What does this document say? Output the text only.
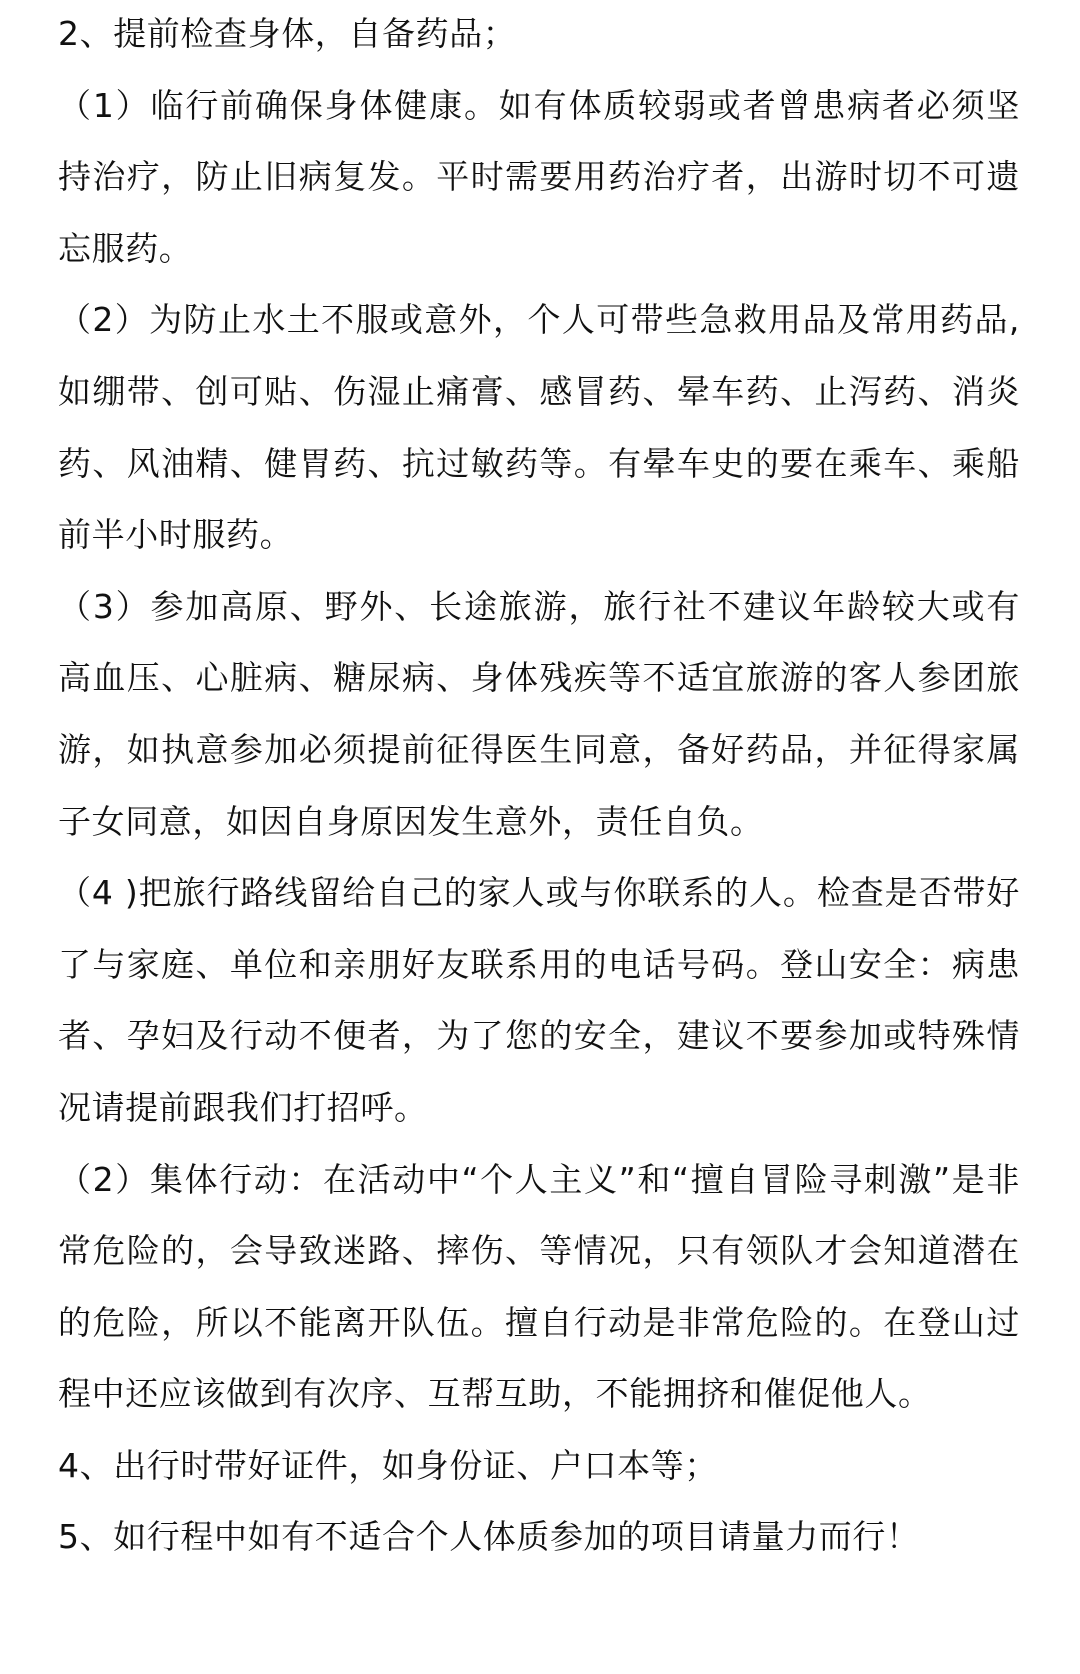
2、提前检查身体，自备药品；

（1）临行前确保身体健康。如有体质较弱或者曾患病者必须坚持治疗，防止旧病复发。平时需要用药治疗者，出游时切不可遗忘服药。

（2）为防止水土不服或意外，个人可带些急救用品及常用药品,如绷带、创可贴、伤湿止痛膏、感冒药、晕车药、止泻药、消炎药、风油精、健胃药、抗过敏药等。有晕车史的要在乘车、乘船前半小时服药。

（3）参加高原、野外、长途旅游，旅行社不建议年龄较大或有高血压、心脏病、糖尿病、身体残疾等不适宜旅游的客人参团旅游，如执意参加必须提前征得医生同意，备好药品，并征得家属子女同意，如因自身原因发生意外，责任自负。

（4 )把旅行路线留给自己的家人或与你联系的人。检查是否带好了与家庭、单位和亲朋好友联系用的电话号码。登山安全：病患者、孕妇及行动不便者，为了您的安全，建议不要参加或特殊情况请提前跟我们打招呼。

（2）集体行动：在活动中“个人主义”和“擅自冒险寻刺激”是非常危险的，会导致迷路、摔伤、等情况，只有领队才会知道潜在的危险，所以不能离开队伍。擅自行动是非常危险的。在登山过程中还应该做到有次序、互帮互助，不能拥挤和催促他人。

4、出行时带好证件，如身份证、户口本等；

5、如行程中如有不适合个人体质参加的项目请量力而行！
